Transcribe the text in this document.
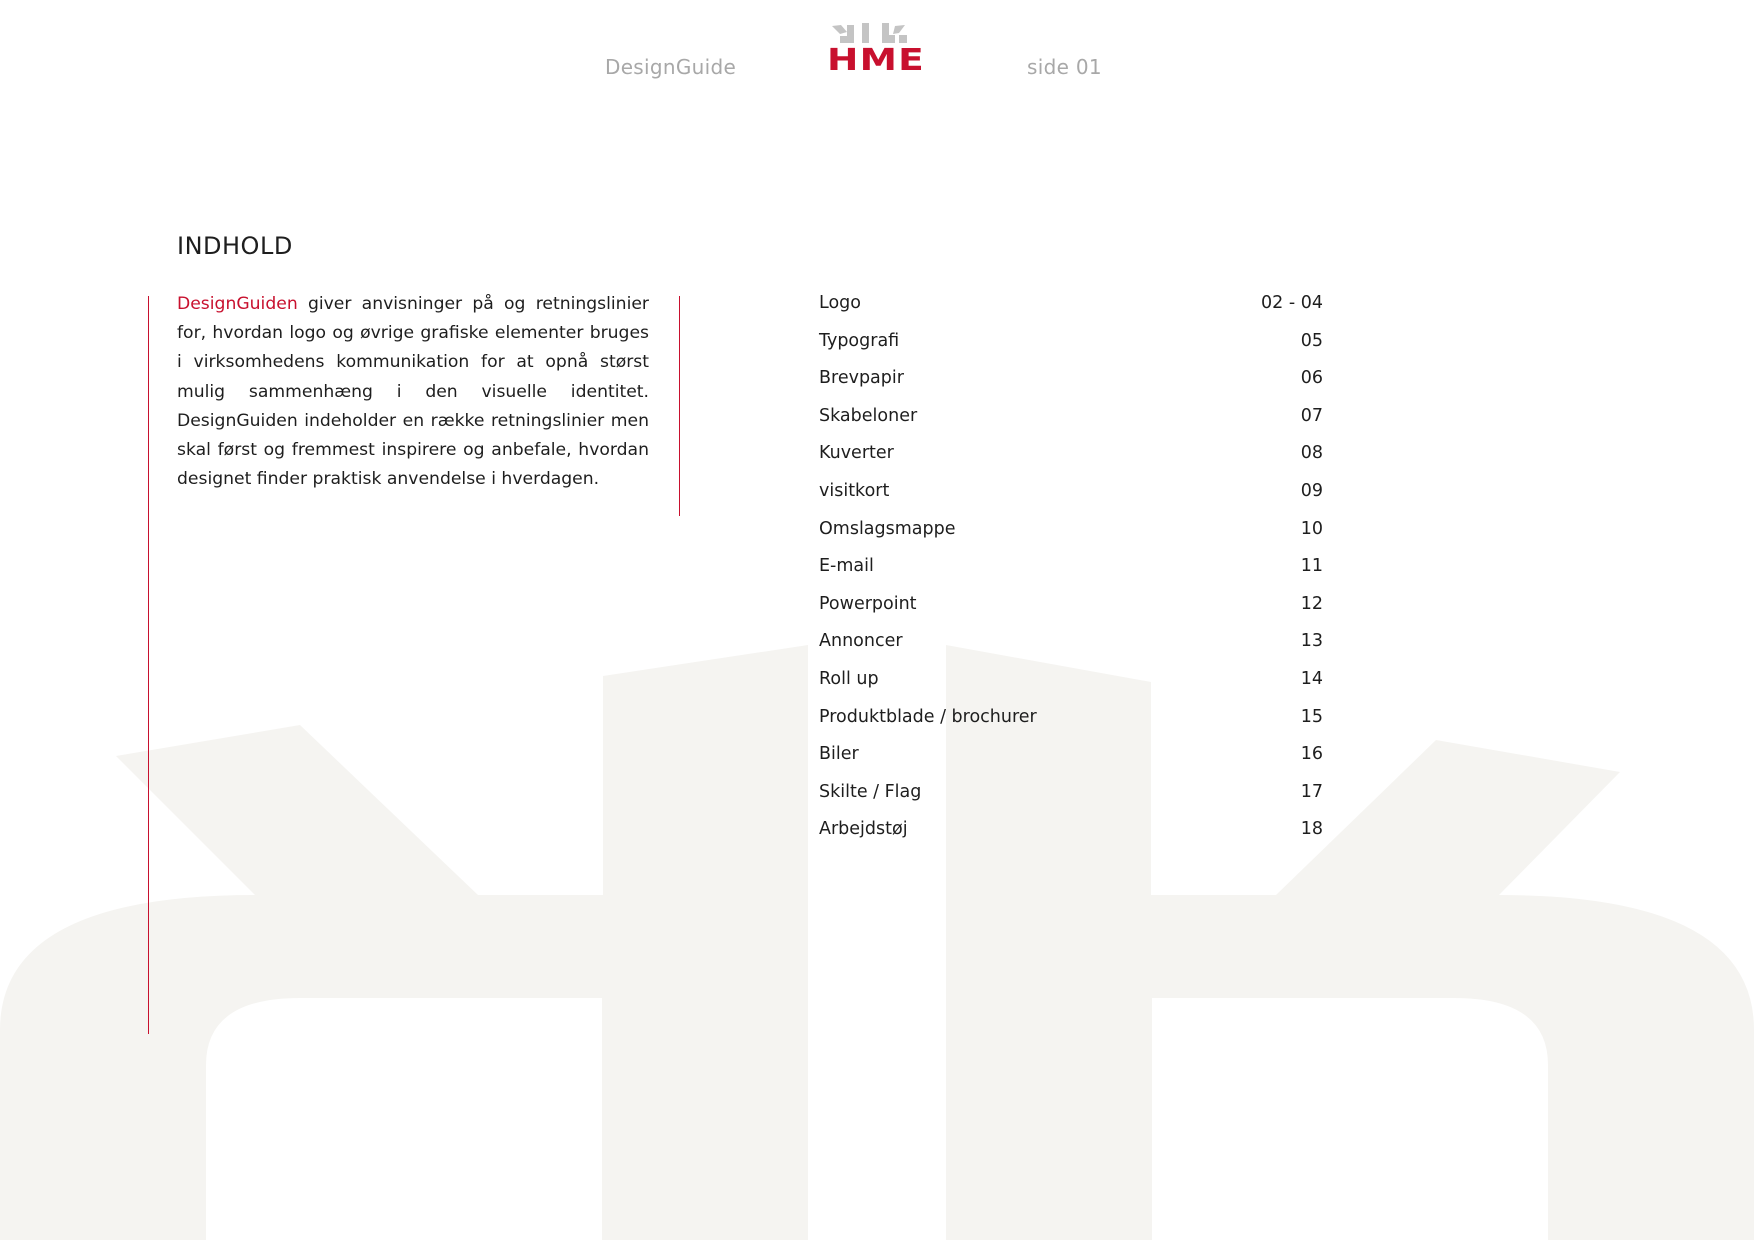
DesignGuide	HME	side 01
INDHOLD
DesignGuiden giver anvisninger på og retningslinier for, hvordan logo og øvrige grafiske elementer bruges i virksomhedens kommunikation for at opnå størst mulig sammenhæng i den visuelle identitet. DesignGuiden indeholder en række retningslinier men skal først og fremmest inspirere og anbefale, hvordan designet finder praktisk anvendelse i hverdagen.
Logo	02 - 04
Typografi	05
Brevpapir	06
Skabeloner	07
Kuverter	08
visitkort	09
Omslagsmappe	10
E-mail	11
Powerpoint	12
Annoncer	13
Roll up	14
Produktblade / brochurer	15
Biler	16
Skilte / Flag	17
Arbejdstøj	18
